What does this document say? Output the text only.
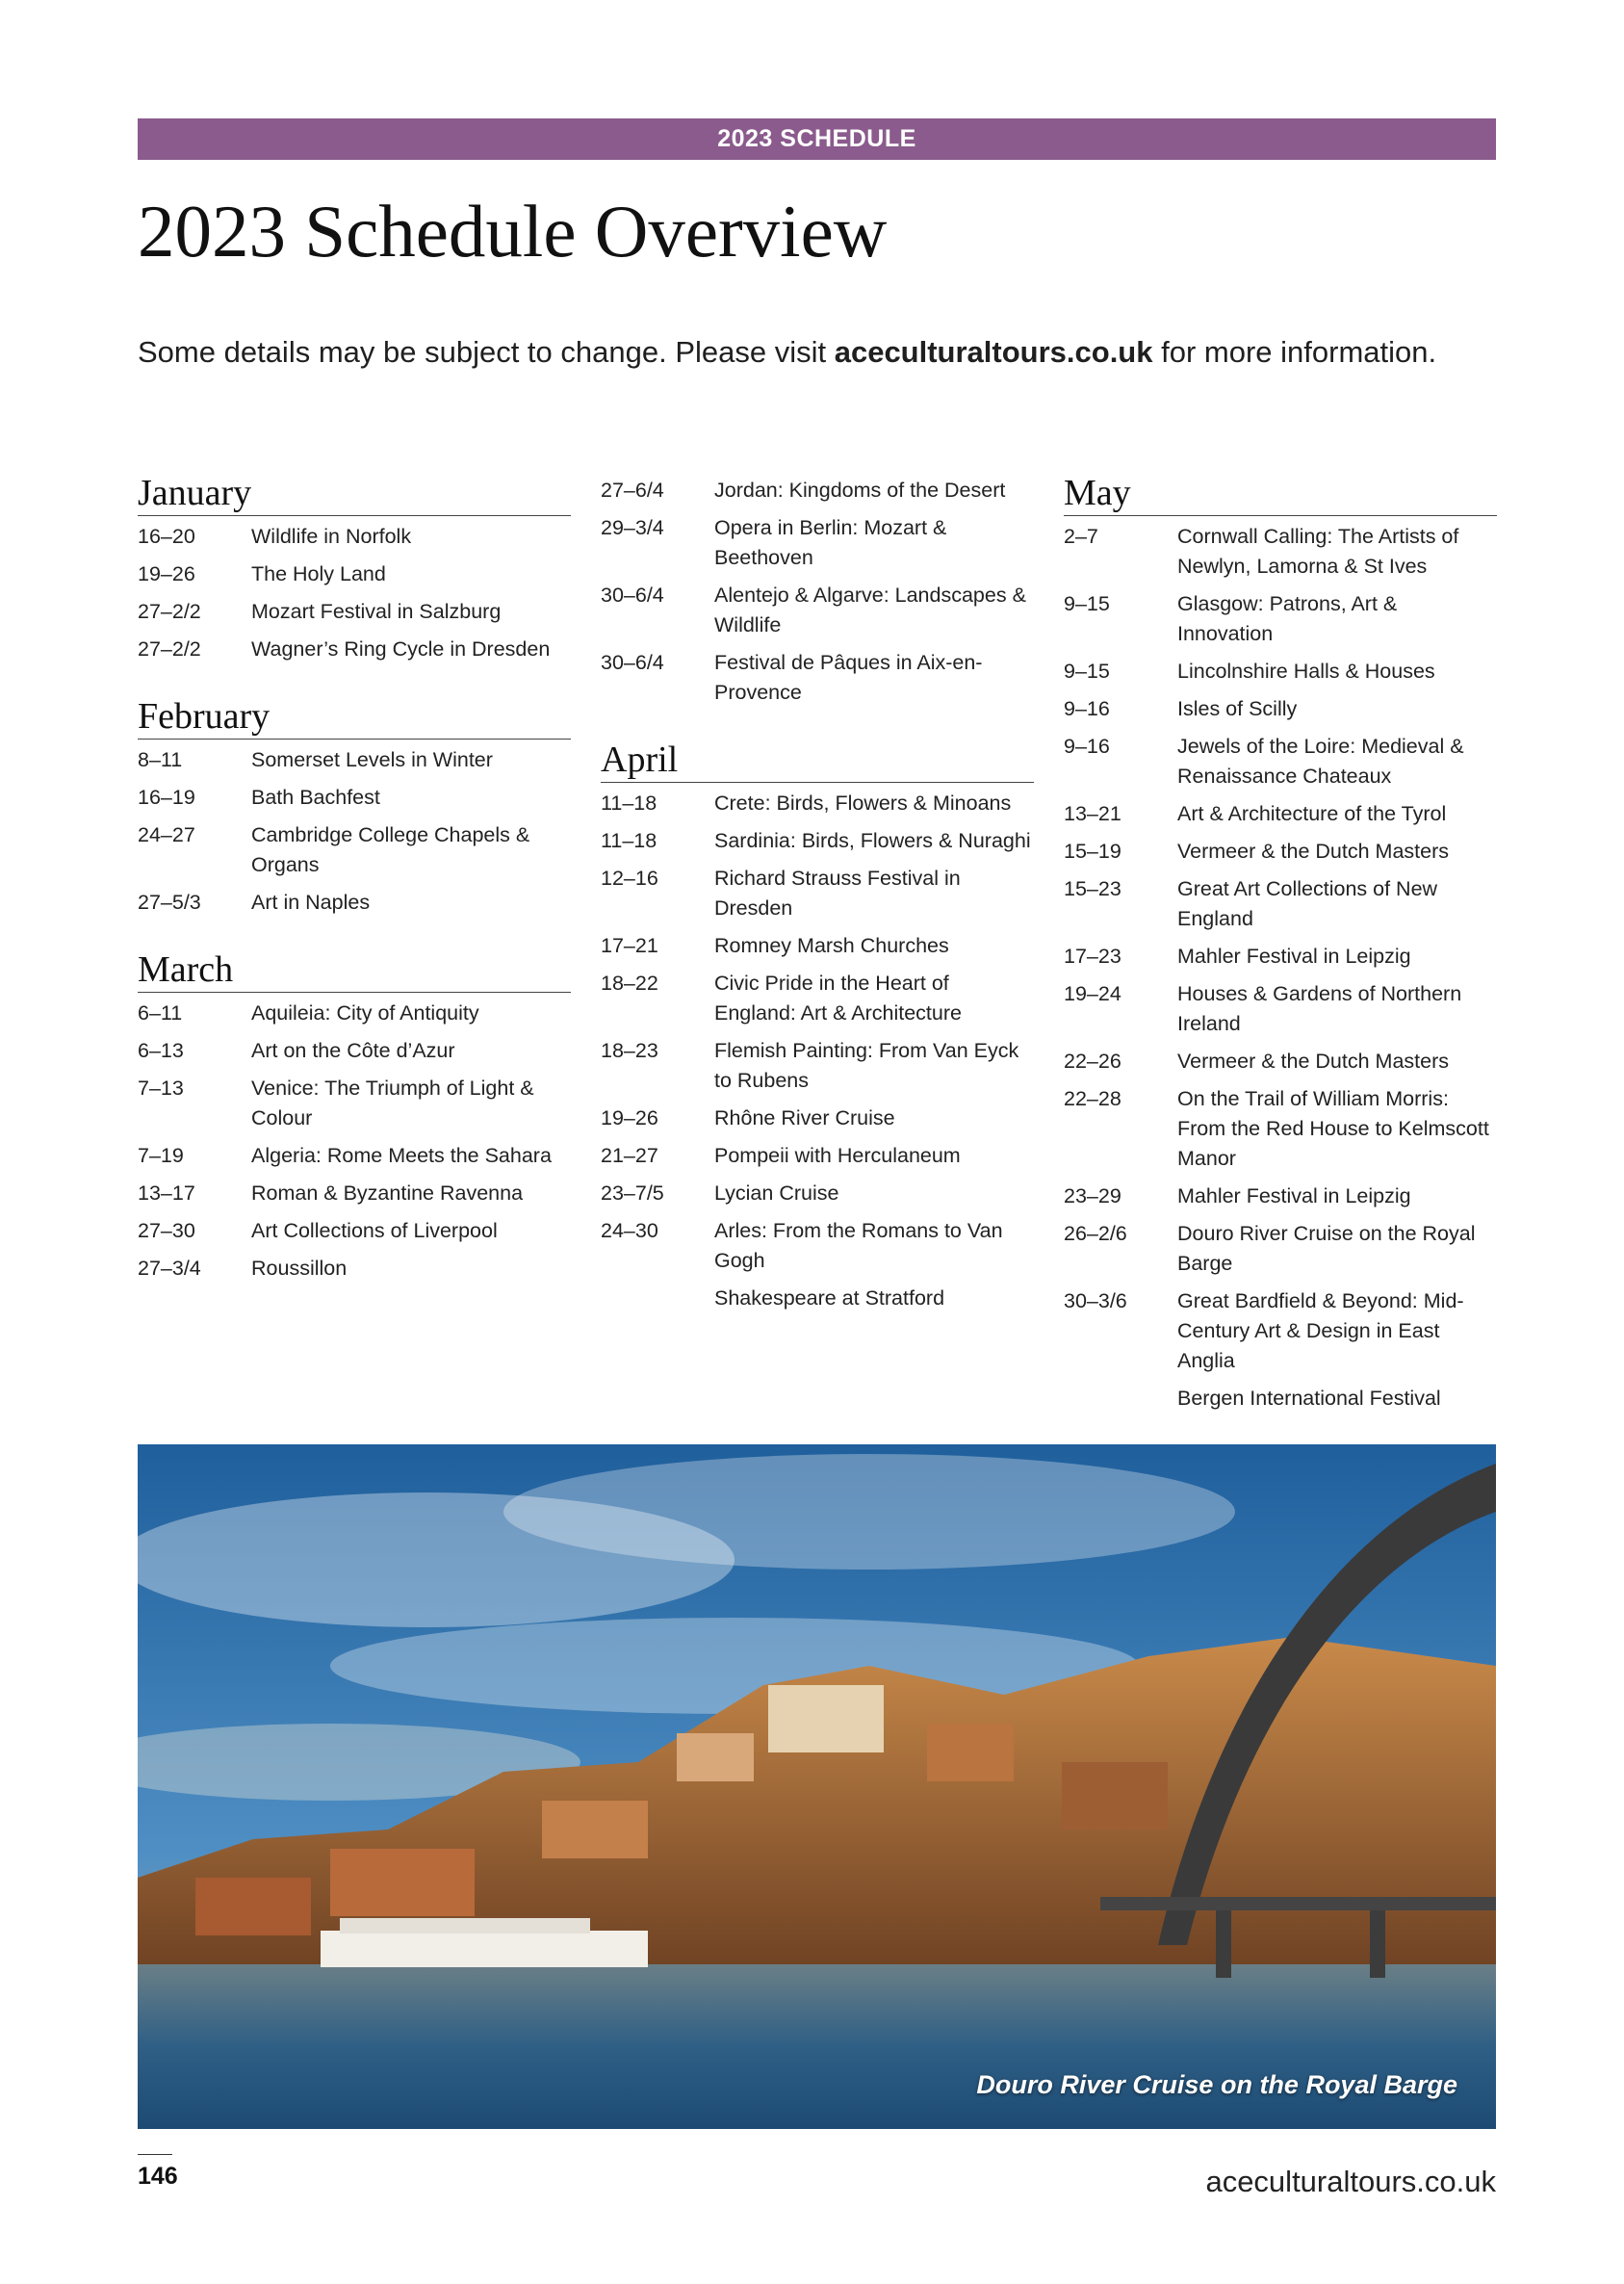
2023 SCHEDULE
2023 Schedule Overview
Some details may be subject to change. Please visit aceculturaltours.co.uk for more information.
January
16–20	Wildlife in Norfolk
19–26	The Holy Land
27–2/2	Mozart Festival in Salzburg
27–2/2	Wagner’s Ring Cycle in Dresden
February
8–11	Somerset Levels in Winter
16–19	Bath Bachfest
24–27	Cambridge College Chapels & Organs
27–5/3	Art in Naples
March
6–11	Aquileia: City of Antiquity
6–13	Art on the Côte d’Azur
7–13	Venice: The Triumph of Light & Colour
7–19	Algeria: Rome Meets the Sahara
13–17	Roman & Byzantine Ravenna
27–30	Art Collections of Liverpool
27–3/4	Roussillon
27–6/4	Jordan: Kingdoms of the Desert
29–3/4	Opera in Berlin: Mozart & Beethoven
30–6/4	Alentejo & Algarve: Landscapes & Wildlife
30–6/4	Festival de Pâques in Aix-en-Provence
April
11–18	Crete: Birds, Flowers & Minoans
11–18	Sardinia: Birds, Flowers & Nuraghi
12–16	Richard Strauss Festival in Dresden
17–21	Romney Marsh Churches
18–22	Civic Pride in the Heart of England: Art & Architecture
18–23	Flemish Painting: From Van Eyck to Rubens
19–26	Rhône River Cruise
21–27	Pompeii with Herculaneum
23–7/5	Lycian Cruise
24–30	Arles: From the Romans to Van Gogh
Shakespeare at Stratford
May
2–7	Cornwall Calling: The Artists of Newlyn, Lamorna & St Ives
9–15	Glasgow: Patrons, Art & Innovation
9–15	Lincolnshire Halls & Houses
9–16	Isles of Scilly
9–16	Jewels of the Loire: Medieval & Renaissance Chateaux
13–21	Art & Architecture of the Tyrol
15–19	Vermeer & the Dutch Masters
15–23	Great Art Collections of New England
17–23	Mahler Festival in Leipzig
19–24	Houses & Gardens of Northern Ireland
22–26	Vermeer & the Dutch Masters
22–28	On the Trail of William Morris: From the Red House to Kelmscott Manor
23–29	Mahler Festival in Leipzig
26–2/6	Douro River Cruise on the Royal Barge
30–3/6	Great Bardfield & Beyond: Mid-Century Art & Design in East Anglia
Bergen International Festival
Douro River Cruise on the Royal Barge
146	aceculturaltours.co.uk
